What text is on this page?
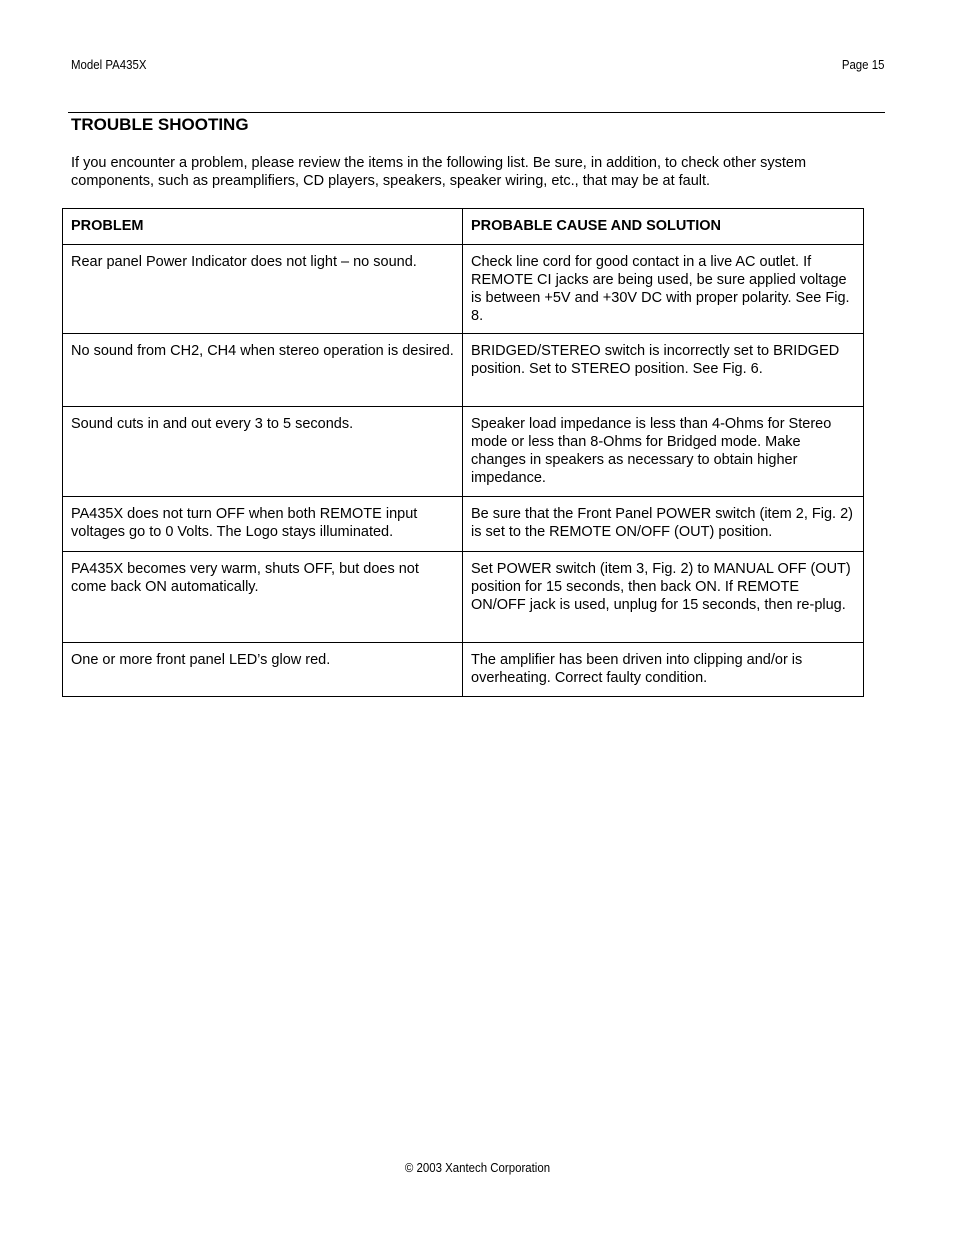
Model PA435X	Page 15
TROUBLE SHOOTING

If you encounter a problem, please review the items in the following list. Be sure, in addition, to check other system components, such as preamplifiers, CD players, speakers, speaker wiring, etc., that may be at fault.

PROBLEM	PROBABLE CAUSE AND SOLUTION
Rear panel Power Indicator does not light – no sound.	Check line cord for good contact in a live AC outlet. If REMOTE CI jacks are being used, be sure applied voltage is between +5V and +30V DC with proper polarity. See Fig. 8.
No sound from CH2, CH4 when stereo operation is desired.	BRIDGED/STEREO switch is incorrectly set to BRIDGED position. Set to STEREO position. See Fig. 6.
Sound cuts in and out every 3 to 5 seconds.	Speaker load impedance is less than 4-Ohms for Stereo mode or less than 8-Ohms for Bridged mode. Make changes in speakers as necessary to obtain higher impedance.
PA435X does not turn OFF when both REMOTE input voltages go to 0 Volts. The Logo stays illuminated.	Be sure that the Front Panel POWER switch (item 2, Fig. 2) is set to the REMOTE ON/OFF (OUT) position.
PA435X becomes very warm, shuts OFF, but does not come back ON automatically.	Set POWER switch (item 3, Fig. 2) to MANUAL OFF (OUT) position for 15 seconds, then back ON. If REMOTE ON/OFF jack is used, unplug for 15 seconds, then re-plug.
One or more front panel LED’s glow red.	The amplifier has been driven into clipping and/or is overheating. Correct faulty condition.
© 2003 Xantech Corporation
